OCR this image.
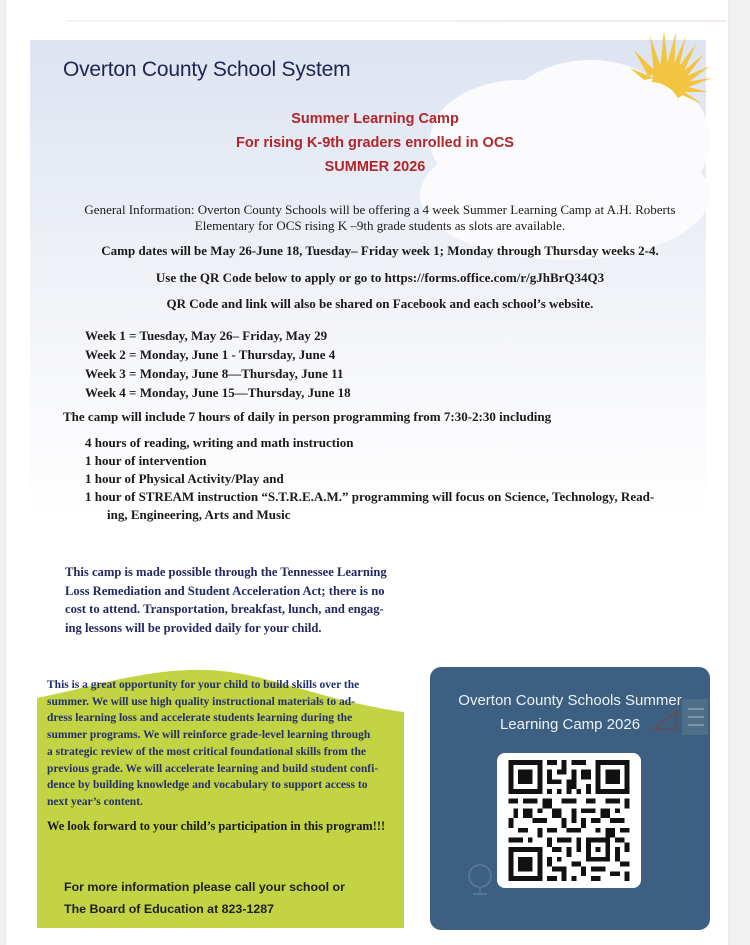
Overton County School System
Summer Learning Camp
For rising K-9th graders enrolled in OCS
SUMMER 2026
General Information: Overton County Schools will be offering a 4 week Summer Learning Camp at A.H. Roberts
Elementary for OCS rising K –9th grade students as slots are available.
Camp dates will be May 26-June 18, Tuesday– Friday week 1; Monday through Thursday weeks 2-4.
Use the QR Code below to apply or go to https://forms.office.com/r/gJhBrQ34Q3
QR Code and link will also be shared on Facebook and each school’s website.
Week 1 = Tuesday, May 26– Friday, May 29
Week 2 = Monday, June 1 - Thursday, June 4
Week 3 = Monday, June 8—Thursday, June 11
Week 4 = Monday, June 15—Thursday, June 18
The camp will include 7 hours of daily in person programming from 7:30-2:30 including
4 hours of reading, writing and math instruction
1 hour of intervention
1 hour of Physical Activity/Play and
1 hour of STREAM instruction “S.T.R.E.A.M.” programming will focus on Science, Technology, Read-
ing, Engineering, Arts and Music
This camp is made possible through the Tennessee Learning
Loss Remediation and Student Acceleration Act; there is no
cost to attend. Transportation, breakfast, lunch, and engag-
ing lessons will be provided daily for your child.
This is a great opportunity for your child to build skills over the
summer. We will use high quality instructional materials to ad-
dress learning loss and accelerate students learning during the
summer programs. We will reinforce grade-level learning through
a strategic review of the most critical foundational skills from the
previous grade. We will accelerate learning and build student confi-
dence by building knowledge and vocabulary to support access to
next year’s content.
We look forward to your child’s participation in this program!!!
For more information please call your school or
The Board of Education at 823-1287
Overton County Schools Summer
Learning Camp 2026
